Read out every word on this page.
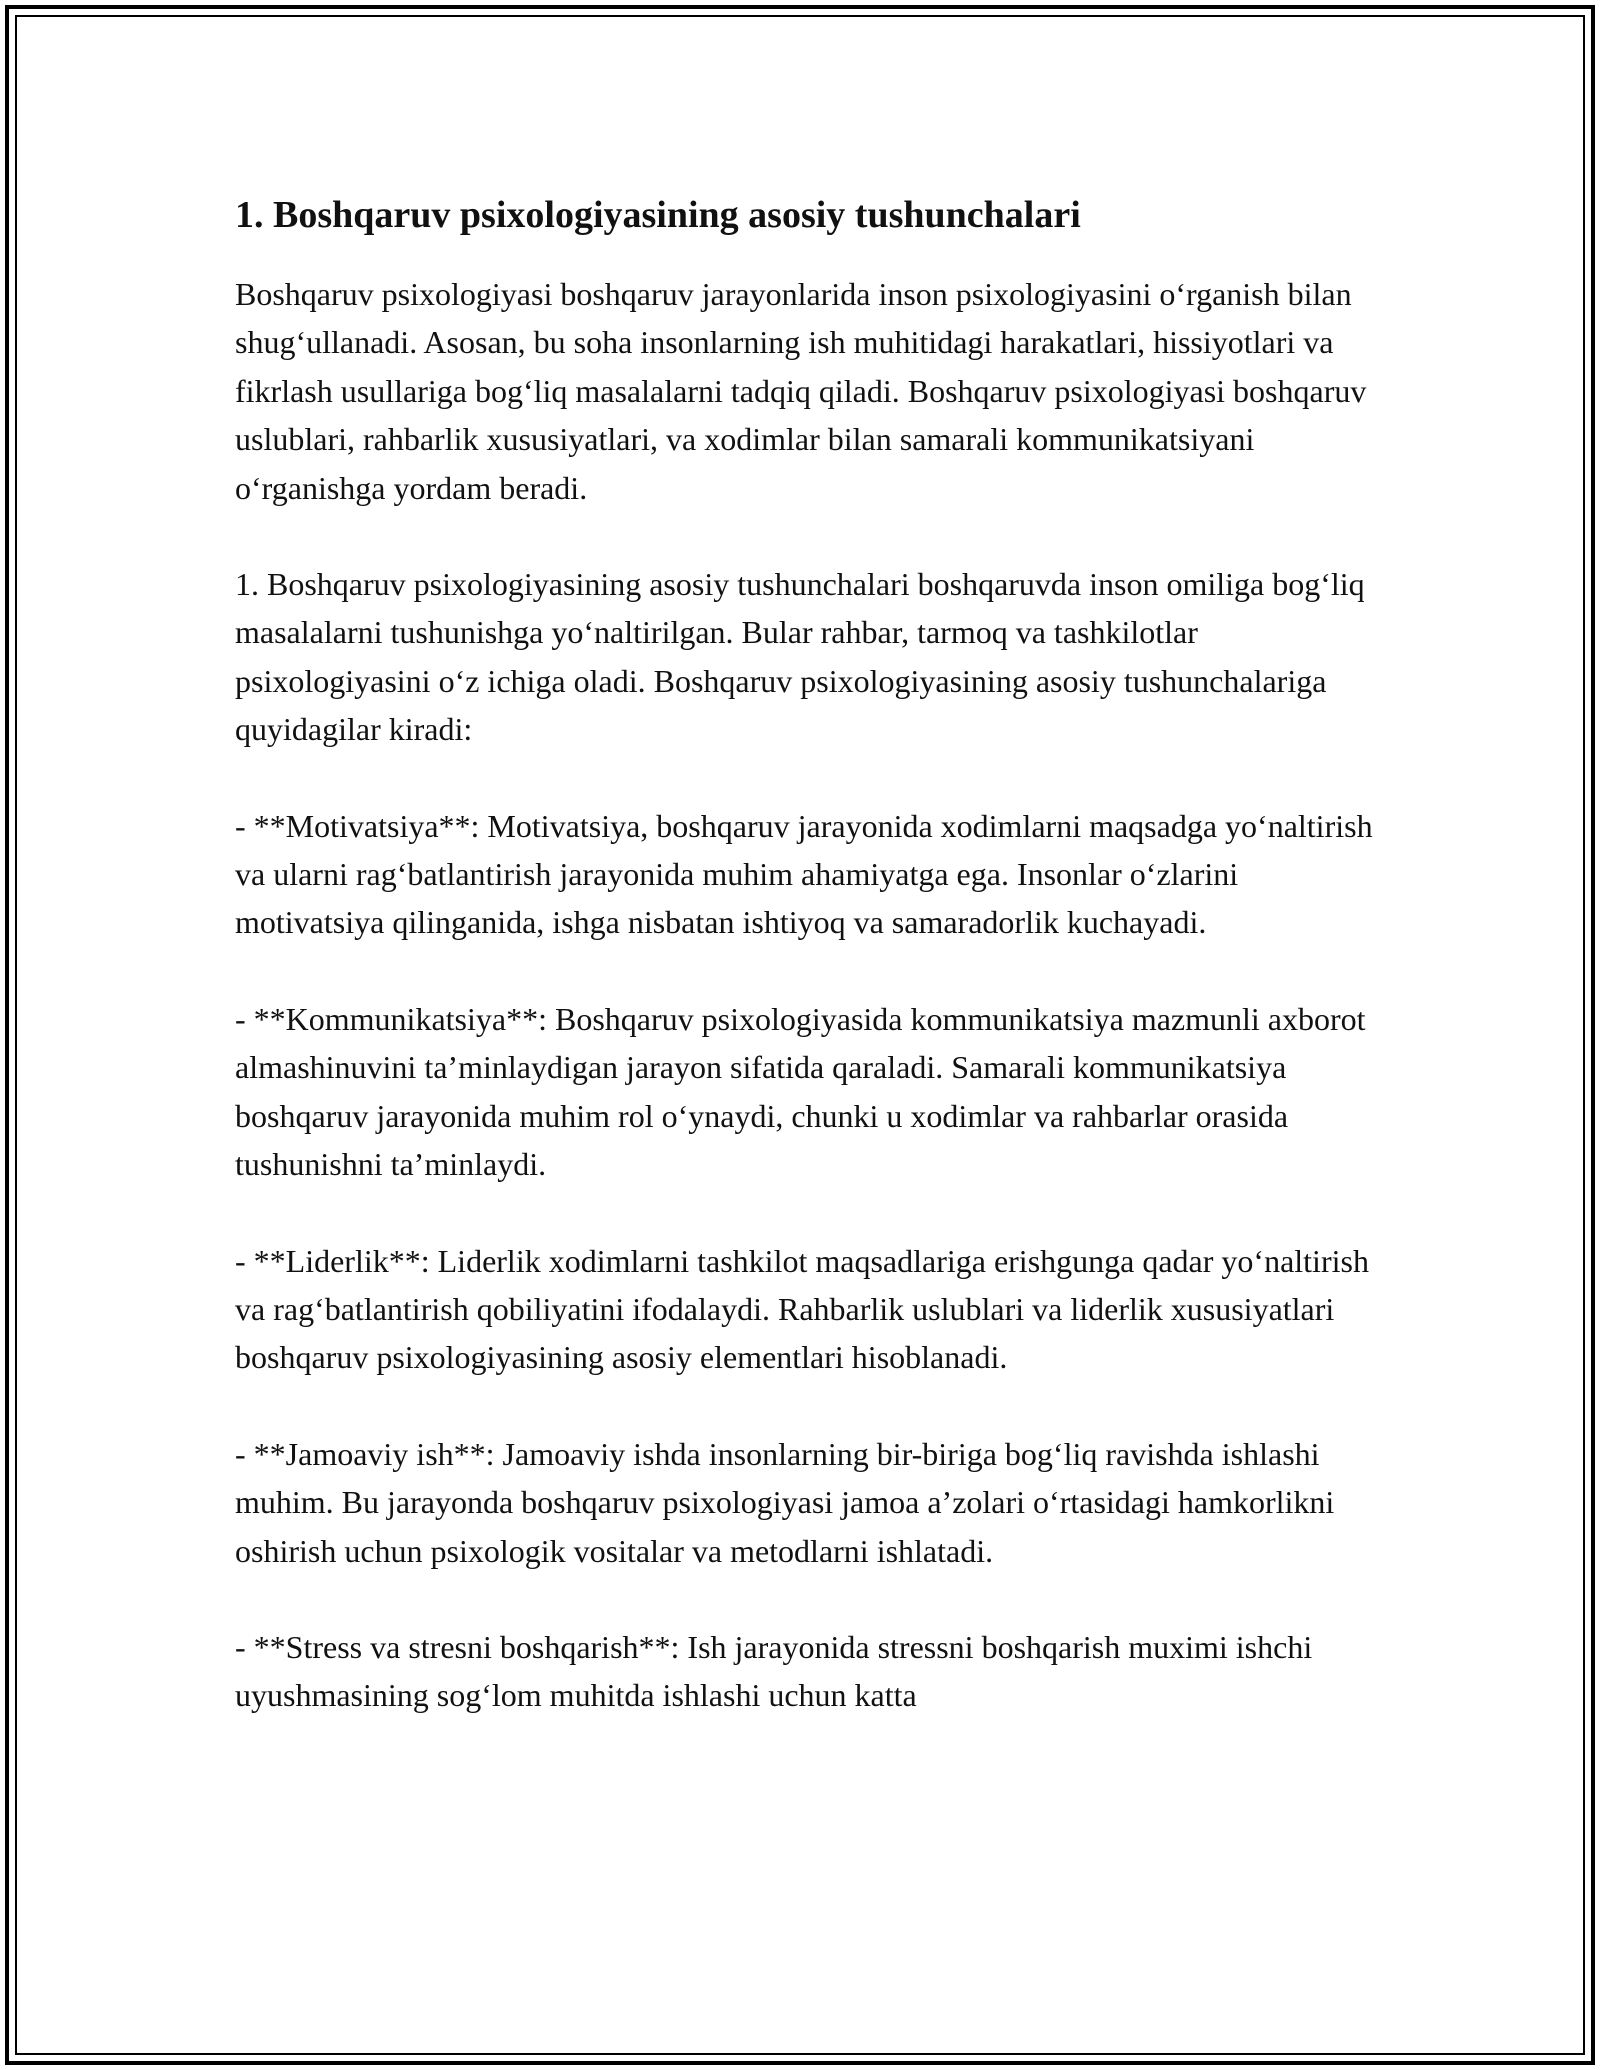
1. Boshqaruv psixologiyasining asosiy tushunchalari

Boshqaruv psixologiyasi boshqaruv jarayonlarida inson psixologiyasini o‘rganish bilan shug‘ullanadi. Asosan, bu soha insonlarning ish muhitidagi harakatlari, hissiyotlari va fikrlash usullariga bog‘liq masalalarni tadqiq qiladi. Boshqaruv psixologiyasi boshqaruv uslublari, rahbarlik xususiyatlari, va xodimlar bilan samarali kommunikatsiyani o‘rganishga yordam beradi.

1. Boshqaruv psixologiyasining asosiy tushunchalari boshqaruvda inson omiliga bog‘liq masalalarni tushunishga yo‘naltirilgan. Bular rahbar, tarmoq va tashkilotlar psixologiyasini o‘z ichiga oladi. Boshqaruv psixologiyasining asosiy tushunchalariga quyidagilar kiradi:

- **Motivatsiya**: Motivatsiya, boshqaruv jarayonida xodimlarni maqsadga yo‘naltirish va ularni rag‘batlantirish jarayonida muhim ahamiyatga ega. Insonlar o‘zlarini motivatsiya qilinganida, ishga nisbatan ishtiyoq va samaradorlik kuchayadi.

- **Kommunikatsiya**: Boshqaruv psixologiyasida kommunikatsiya mazmunli axborot almashinuvini ta’minlaydigan jarayon sifatida qaraladi. Samarali kommunikatsiya boshqaruv jarayonida muhim rol o‘ynaydi, chunki u xodimlar va rahbarlar orasida tushunishni ta’minlaydi.

- **Liderlik**: Liderlik xodimlarni tashkilot maqsadlariga erishgunga qadar yo‘naltirish va rag‘batlantirish qobiliyatini ifodalaydi. Rahbarlik uslublari va liderlik xususiyatlari boshqaruv psixologiyasining asosiy elementlari hisoblanadi.

- **Jamoaviy ish**: Jamoaviy ishda insonlarning bir-biriga bog‘liq ravishda ishlashi muhim. Bu jarayonda boshqaruv psixologiyasi jamoa a’zolari o‘rtasidagi hamkorlikni oshirish uchun psixologik vositalar va metodlarni ishlatadi.

- **Stress va stresni boshqarish**: Ish jarayonida stressni boshqarish muximi ishchi uyushmasining sog‘lom muhitda ishlashi uchun katta
